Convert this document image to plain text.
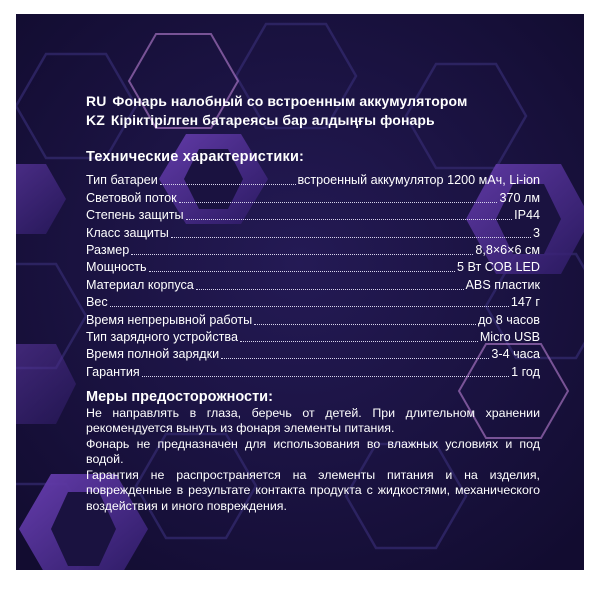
RU Фонарь налобный со встроенным аккумулятором
KZ Кірiктiрiлген батареясы бар алдыңғы фонарь
Технические характеристики:
Тип батареи	встроенный аккумулятор 1200 мАч, Li-ion
Световой поток	370 лм
Степень защиты	IP44
Класс защиты	3
Размер	8,8×6×6 см
Мощность	5 Вт COB LED
Материал корпуса	ABS пластик
Вес	147 г
Время непрерывной работы	до 8 часов
Тип зарядного устройства	Micro USB
Время полной зарядки	3-4 часа
Гарантия	1 год
Меры предосторожности:
Не направлять в глаза, беречь от детей. При длительном хранении рекомендуется вынуть из фонаря элементы питания.
Фонарь не предназначен для использования во влажных условиях и под водой.
Гарантия не распространяется на элементы питания и на изделия, поврежденные в результате контакта продукта с жидкостями, механического воздействия и иного повреждения.
